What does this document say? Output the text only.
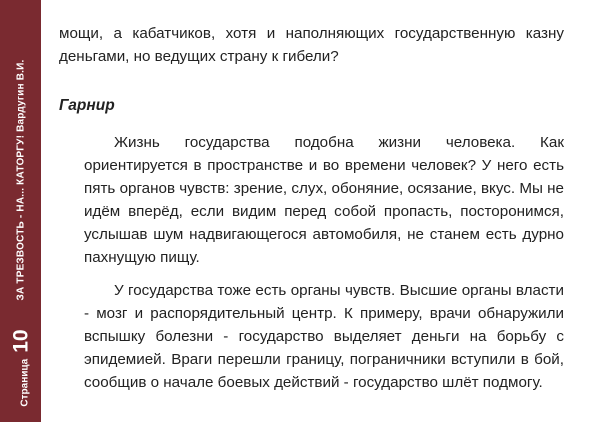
ЗА ТРЕЗВОСТЬ - НА... КАТОРГУ! Вардугин В.И.
Страница
10

мощи, а кабатчиков, хотя и наполняющих государственную казну деньгами, но ведущих страну к гибели?

Гарнир

Жизнь государства подобна жизни человека. Как ориентируется в пространстве и во времени человек? У него есть пять органов чувств: зрение, слух, обоняние, осязание, вкус. Мы не идём вперёд, если видим перед собой пропасть, посторонимся, услышав шум надвигающегося автомобиля, не станем есть дурно пахнущую пищу.

У государства тоже есть органы чувств. Высшие органы власти - мозг и распорядительный центр. К примеру, врачи обнаружили вспышку болезни - государство выделяет деньги на борьбу с эпидемией. Враги перешли границу, пограничники вступили в бой, сообщив о начале боевых действий - государство шлёт подмогу.
